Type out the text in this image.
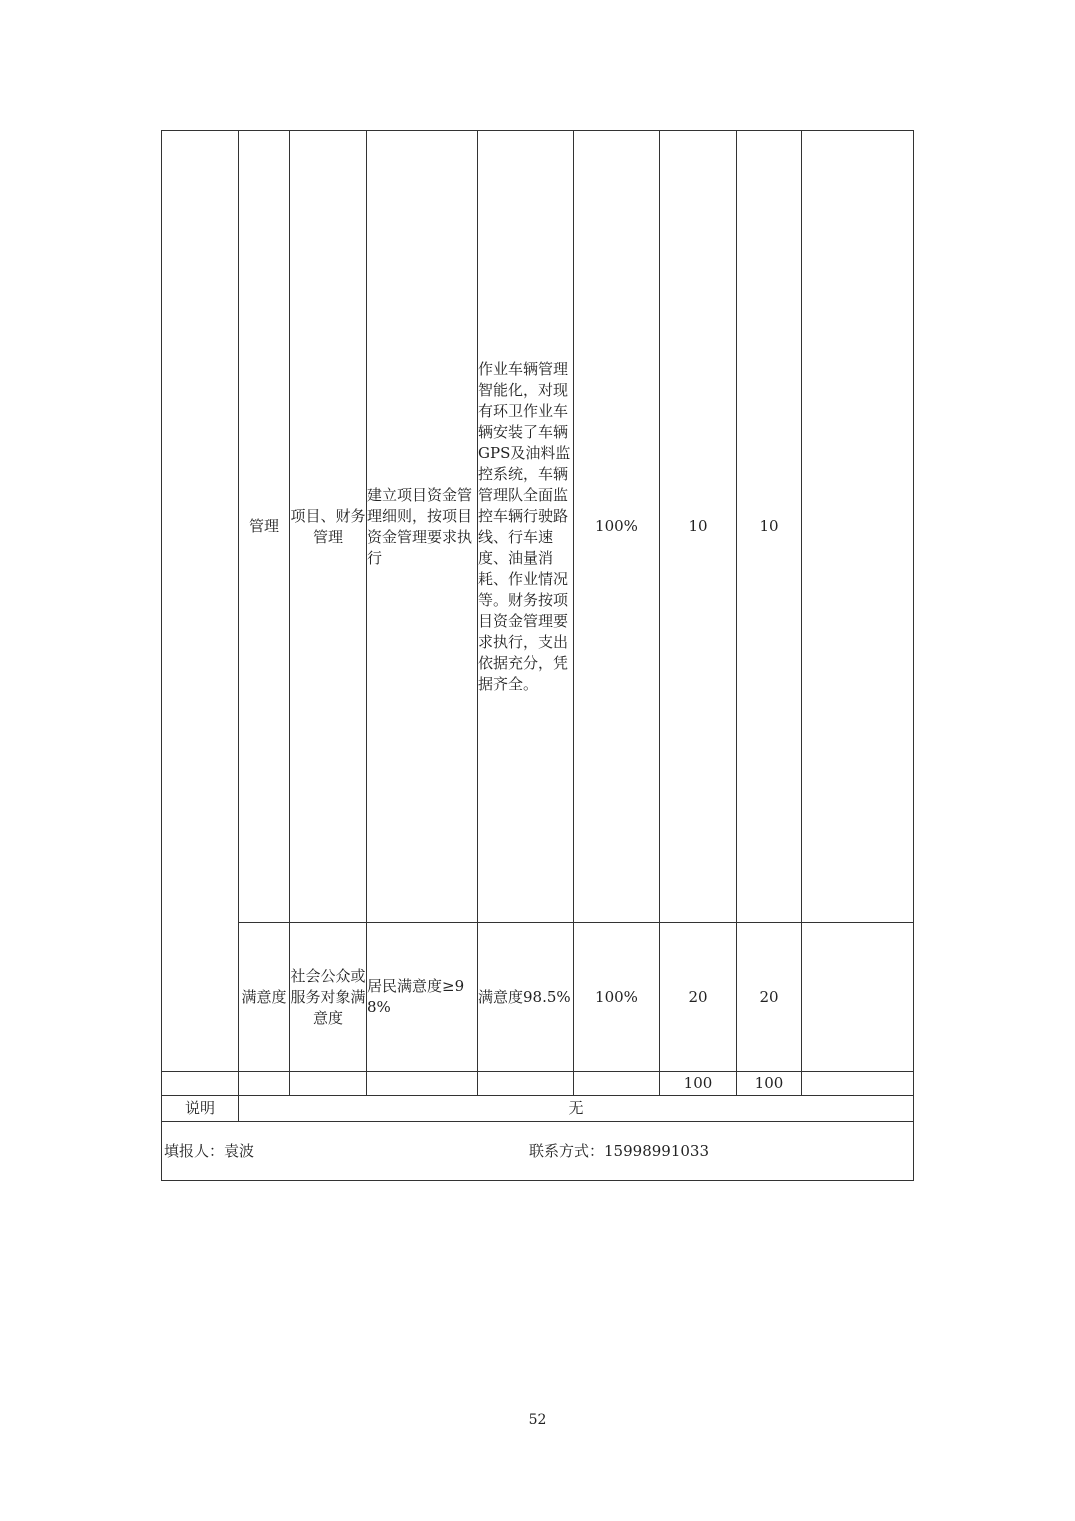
	管理	项目、财务管理	建立项目资金管理细则，按项目资金管理要求执行	作业车辆管理智能化，对现有环卫作业车辆安装了车辆GPS及油料监控系统，车辆管理队全面监控车辆行驶路线、行车速度、油量消耗、作业情况等。财务按项目资金管理要求执行，支出依据充分，凭据齐全。	100%	10	10	
	满意度	社会公众或服务对象满意度	居民满意度≥98%	满意度98.5%	100%	20	20	
						100	100	
说明	无							

填报人：袁波 联系方式：15998991033								
52
